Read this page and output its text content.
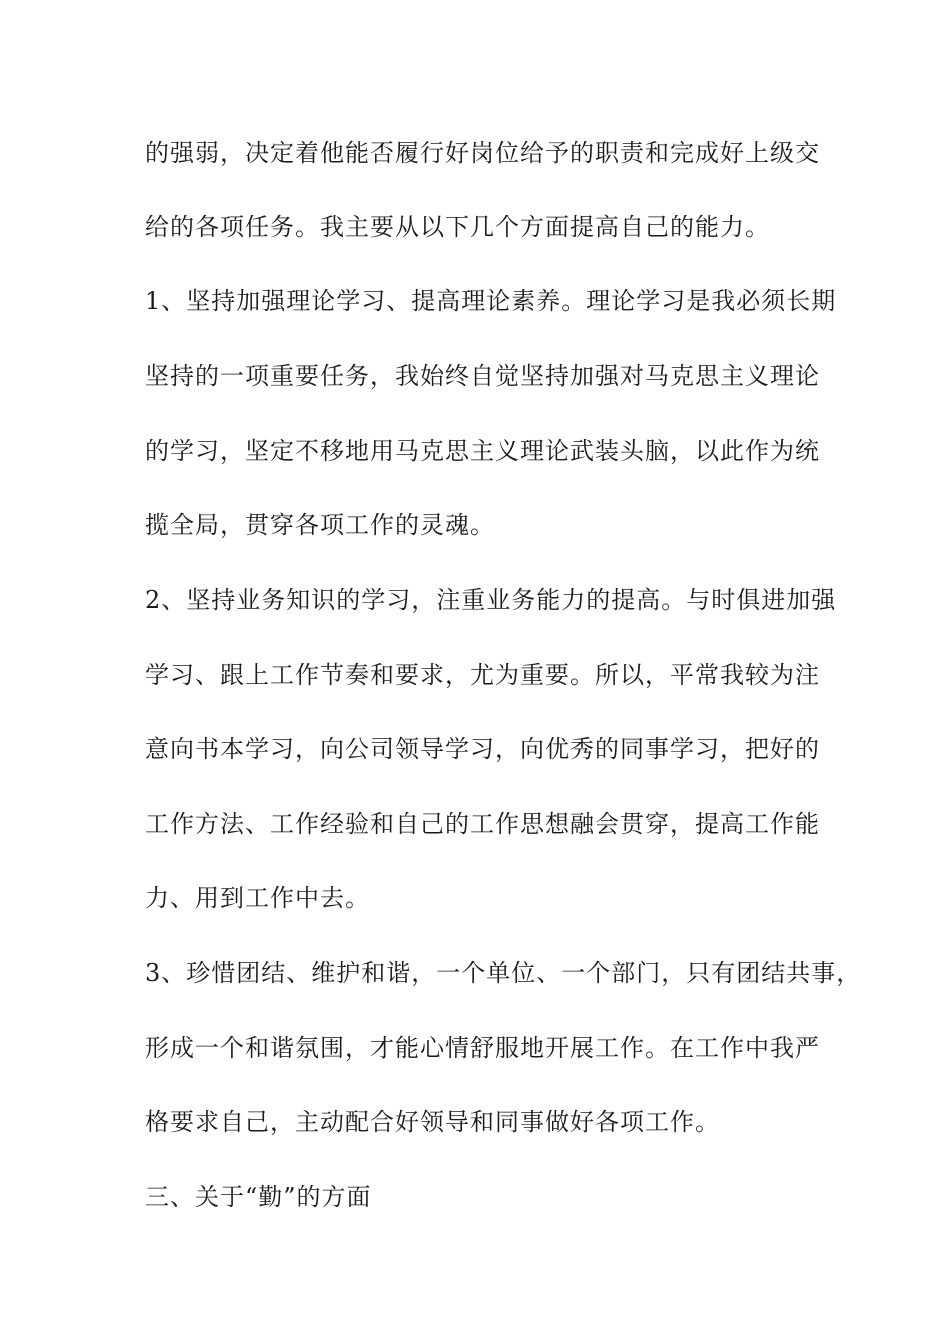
的强弱，决定着他能否履行好岗位给予的职责和完成好上级交

给的各项任务。我主要从以下几个方面提高自己的能力。

1、坚持加强理论学习、提高理论素养。理论学习是我必须长期

坚持的一项重要任务，我始终自觉坚持加强对马克思主义理论

的学习，坚定不移地用马克思主义理论武装头脑，以此作为统

揽全局，贯穿各项工作的灵魂。

2、坚持业务知识的学习，注重业务能力的提高。与时俱进加强

学习、跟上工作节奏和要求，尤为重要。所以，平常我较为注

意向书本学习，向公司领导学习，向优秀的同事学习，把好的

工作方法、工作经验和自己的工作思想融会贯穿，提高工作能

力、用到工作中去。

3、珍惜团结、维护和谐，一个单位、一个部门，只有团结共事，

形成一个和谐氛围，才能心情舒服地开展工作。在工作中我严

格要求自己，主动配合好领导和同事做好各项工作。

三、关于“勤”的方面
